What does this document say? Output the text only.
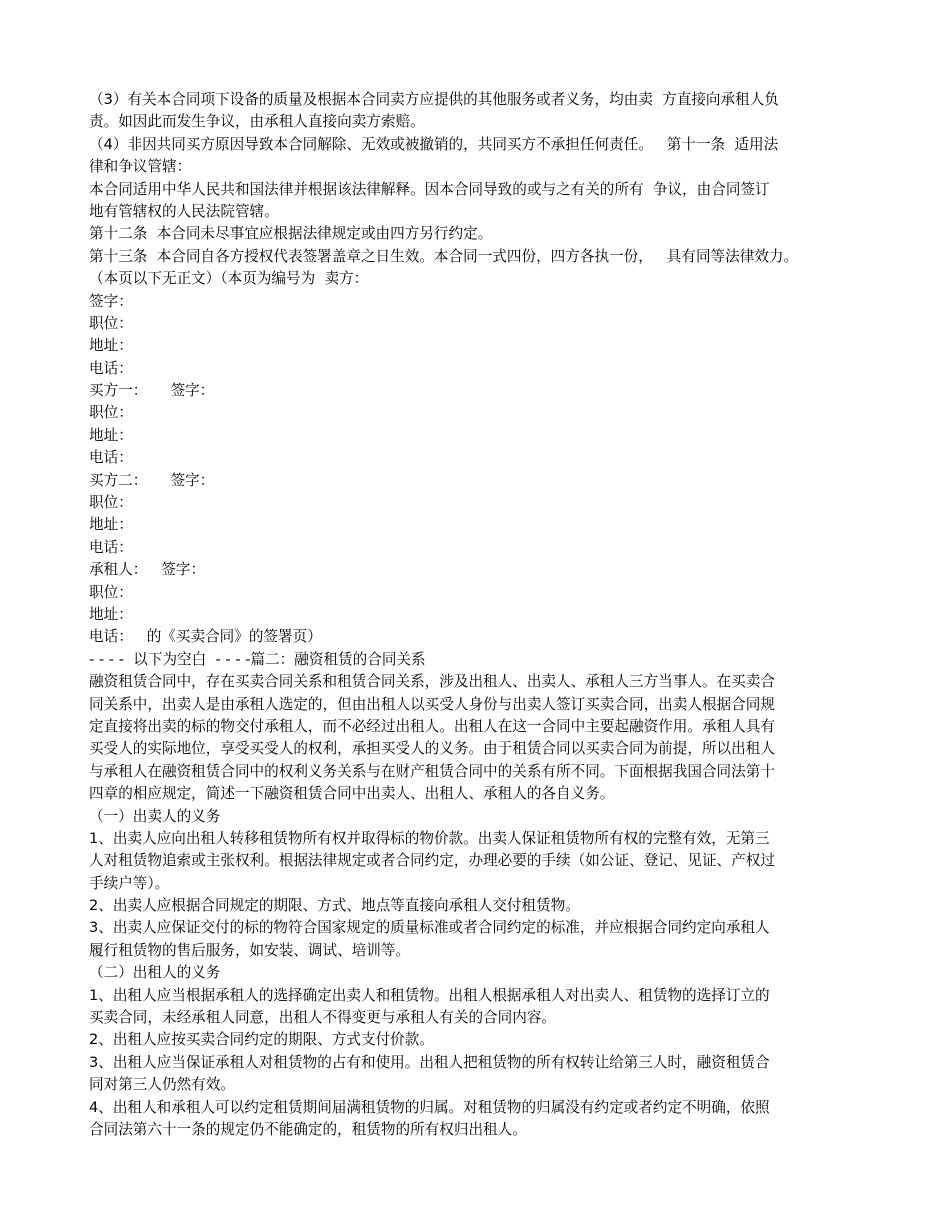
（3）有关本合同项下设备的质量及根据本合同卖方应提供的其他服务或者义务，均由卖  方直接向承租人负
责。如因此而发生争议，由承租人直接向卖方索赔。
（4）非因共同买方原因导致本合同解除、无效或被撤销的，共同买方不承担任何责任。   第十一条  适用法
律和争议管辖：
本合同适用中华人民共和国法律并根据该法律解释。因本合同导致的或与之有关的所有  争议，由合同签订
地有管辖权的人民法院管辖。
第十二条  本合同未尽事宜应根据法律规定或由四方另行约定。
第十三条  本合同自各方授权代表签署盖章之日生效。本合同一式四份，四方各执一份，   具有同等法律效力。
（本页以下无正文）（本页为编号为  卖方：
签字：
职位：
地址：
电话：
买方一：     签字：
职位：
地址：
电话：
买方二：     签字：
职位：
地址：
电话：
承租人：   签字：
职位：
地址：
电话：   的《买卖合同》的签署页）
- - - -  以下为空白  - - - -篇二：融资租赁的合同关系
融资租赁合同中，存在买卖合同关系和租赁合同关系，涉及出租人、出卖人、承租人三方当事人。在买卖合
同关系中，出卖人是由承租人选定的，但由出租人以买受人身份与出卖人签订买卖合同，出卖人根据合同规
定直接将出卖的标的物交付承租人，而不必经过出租人。出租人在这一合同中主要起融资作用。承租人具有
买受人的实际地位，享受买受人的权利，承担买受人的义务。由于租赁合同以买卖合同为前提，所以出租人
与承租人在融资租赁合同中的权利义务关系与在财产租赁合同中的关系有所不同。下面根据我国合同法第十
四章的相应规定，简述一下融资租赁合同中出卖人、出租人、承租人的各自义务。
（一）出卖人的义务
1、出卖人应向出租人转移租赁物所有权并取得标的物价款。出卖人保证租赁物所有权的完整有效，无第三
人对租赁物追索或主张权利。根据法律规定或者合同约定，办理必要的手续（如公证、登记、见证、产权过
手续户等）。
2、出卖人应根据合同规定的期限、方式、地点等直接向承租人交付租赁物。
3、出卖人应保证交付的标的物符合国家规定的质量标准或者合同约定的标准，并应根据合同约定向承租人
履行租赁物的售后服务，如安装、调试、培训等。
（二）出租人的义务
1、出租人应当根据承租人的选择确定出卖人和租赁物。出租人根据承租人对出卖人、租赁物的选择订立的
买卖合同，未经承租人同意，出租人不得变更与承租人有关的合同内容。
2、出租人应按买卖合同约定的期限、方式支付价款。
3、出租人应当保证承租人对租赁物的占有和使用。出租人把租赁物的所有权转让给第三人时，融资租赁合
同对第三人仍然有效。
4、出租人和承租人可以约定租赁期间届满租赁物的归属。对租赁物的归属没有约定或者约定不明确，依照
合同法第六十一条的规定仍不能确定的，租赁物的所有权归出租人。
